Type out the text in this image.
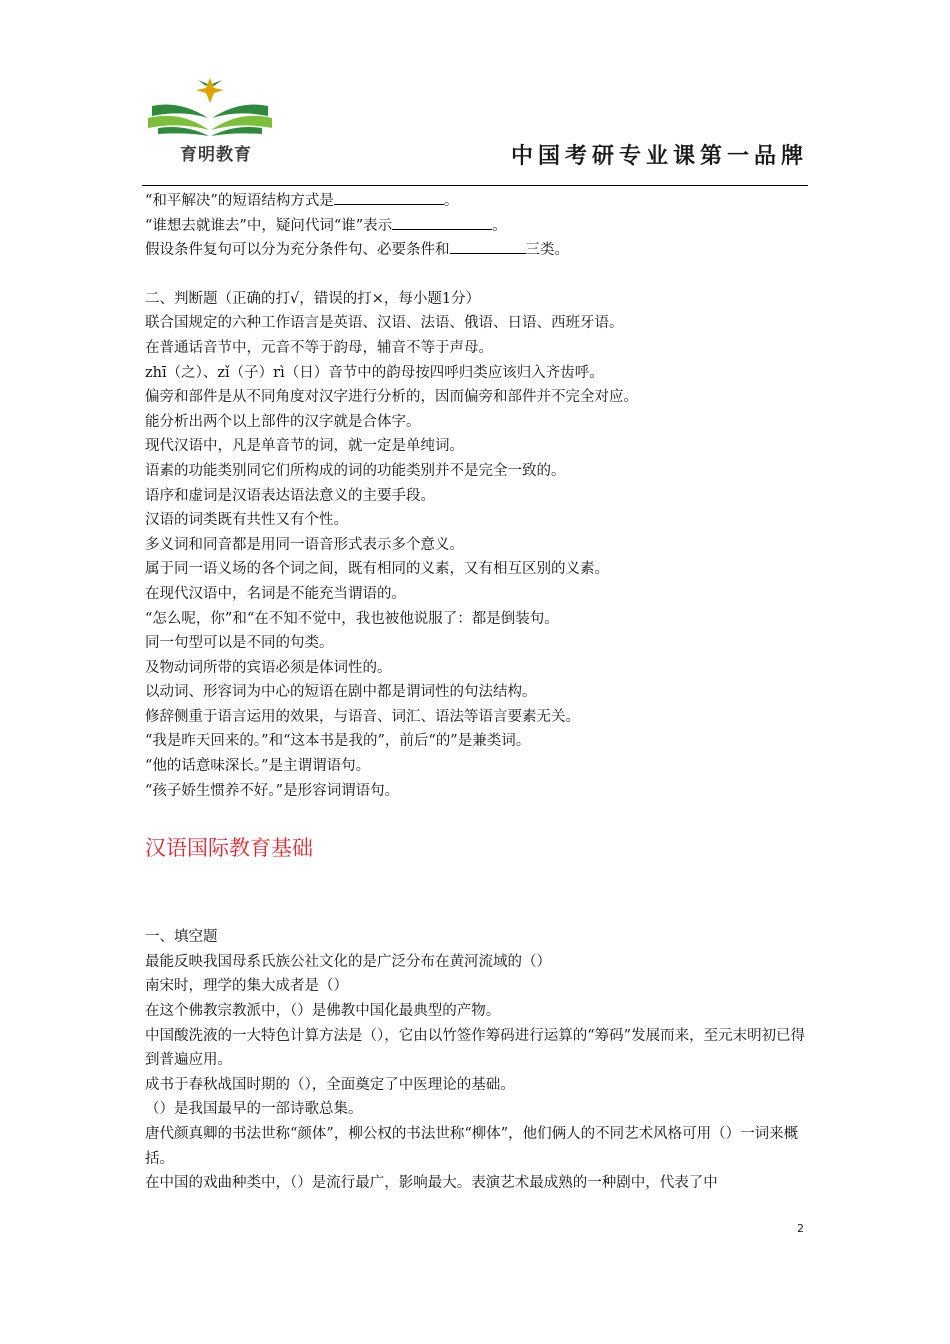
育明教育	中国考研专业课第一品牌
“和平解决”的短语结构方式是	。
“谁想去就谁去”中，疑问代词“谁”表示	。
假设条件复句可以分为充分条件句、必要条件和	三类。
二、判断题（正确的打√，错误的打×，每小题1分）
联合国规定的六种工作语言是英语、汉语、法语、俄语、日语、西班牙语。
在普通话音节中，元音不等于韵母，辅音不等于声母。
zhī（之）、zǐ（子）rì（日）音节中的韵母按四呼归类应该归入齐齿呼。
偏旁和部件是从不同角度对汉字进行分析的，因而偏旁和部件并不完全对应。
能分析出两个以上部件的汉字就是合体字。
现代汉语中，凡是单音节的词，就一定是单纯词。
语素的功能类别同它们所构成的词的功能类别并不是完全一致的。
语序和虚词是汉语表达语法意义的主要手段。
汉语的词类既有共性又有个性。
多义词和同音都是用同一语音形式表示多个意义。
属于同一语义场的各个词之间，既有相同的义素，又有相互区别的义素。
在现代汉语中，名词是不能充当谓语的。
“怎么呢，你”和“在不知不觉中，我也被他说服了：都是倒装句。
同一句型可以是不同的句类。
及物动词所带的宾语必须是体词性的。
以动词、形容词为中心的短语在剧中都是谓词性的句法结构。
修辞侧重于语言运用的效果，与语音、词汇、语法等语言要素无关。
“我是昨天回来的。”和“这本书是我的”，前后“的”是兼类词。
“他的话意味深长。”是主谓谓语句。
“孩子娇生惯养不好。”是形容词谓语句。
汉语国际教育基础
一、填空题
最能反映我国母系氏族公社文化的是广泛分布在黄河流域的（）
南宋时，理学的集大成者是（）
在这个佛教宗教派中，（）是佛教中国化最典型的产物。
中国酸洗液的一大特色计算方法是（），它由以竹签作筹码进行运算的“筹码”发展而来，至元末明初已得到普遍应用。
成书于春秋战国时期的（），全面奠定了中医理论的基础。
（）是我国最早的一部诗歌总集。
唐代颜真卿的书法世称“颜体”，柳公权的书法世称“柳体”，他们俩人的不同艺术风格可用（）一词来概括。
在中国的戏曲种类中，（）是流行最广，影响最大。表演艺术最成熟的一种剧中，代表了中
2
